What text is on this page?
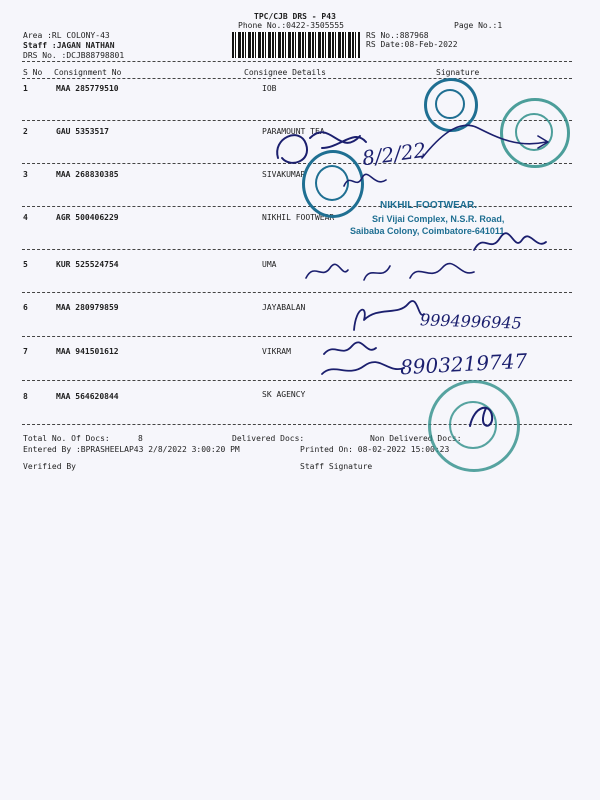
TPC/CJB DRS - P43
Phone No.:0422-3505555	Page No.:1
Area :RL COLONY-43
Staff :JAGAN NATHAN
DRS No. :DCJB88798801
RS No.:887968
RS Date:08-Feb-2022
S No Consignment No	Consignee Details	Signature
1	MAA 285779510	IOB
2	GAU 5353517	PARAMOUNT TEA
3	MAA 268830385	SIVAKUMAR
4	AGR 500406229	NIKHIL FOOTWEAR
5	KUR 525524754	UMA
6	MAA 280979859	JAYABALAN
7	MAA 941501612	VIKRAM
8	MAA 564620844	SK AGENCY
Total No. Of Docs:	8	Delivered Docs:	Non Delivered Docs:
Entered By :BPRASHEELAP43 2/8/2022 3:00:20 PM	Printed On: 08-02-2022 15:00:23
Verified By	Staff Signature
NIKHIL FOOTWEAR.
Sri Vijai Complex, N.S.R. Road,
Saibaba Colony, Coimbatore-641011
8/2/22
9994996945
8903219747
